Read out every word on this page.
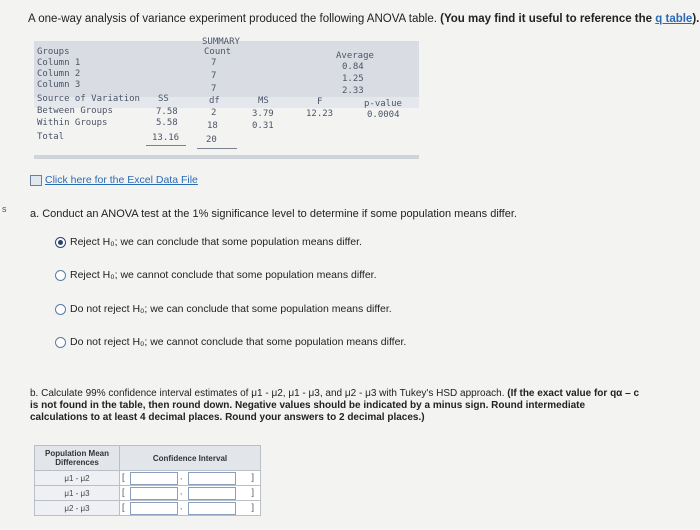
A one-way analysis of variance experiment produced the following ANOVA table. (You may find it useful to reference the q table).
s
SUMMARY
Count
Groups	Average
Column 1	7	0.84
Column 2	7	1.25
Column 3	7	2.33
Source of Variation SS	df	MS	F	p-value
Between Groups	7.58	2	3.79	12.23	0.0004
Within Groups	5.58	18	0.31
Total	13.16	20
Click here for the Excel Data File
a. Conduct an ANOVA test at the 1% significance level to determine if some population means differ.
Reject H₀; we can conclude that some population means differ.
Reject H₀; we cannot conclude that some population means differ.
Do not reject H₀; we can conclude that some population means differ.
Do not reject H₀; we cannot conclude that some population means differ.
b. Calculate 99% confidence interval estimates of μ1 - μ2, μ1 - μ3, and μ2 - μ3 with Tukey's HSD approach. (If the exact value for qα – c is not found in the table, then round down. Negative values should be indicated by a minus sign. Round intermediate calculations to at least 4 decimal places. Round your answers to 2 decimal places.)
Population Mean Differences	Confidence Interval
μ1 - μ2	[ , ]

μ1 - μ3	[ , ]

μ2 - μ3	[ , ]
